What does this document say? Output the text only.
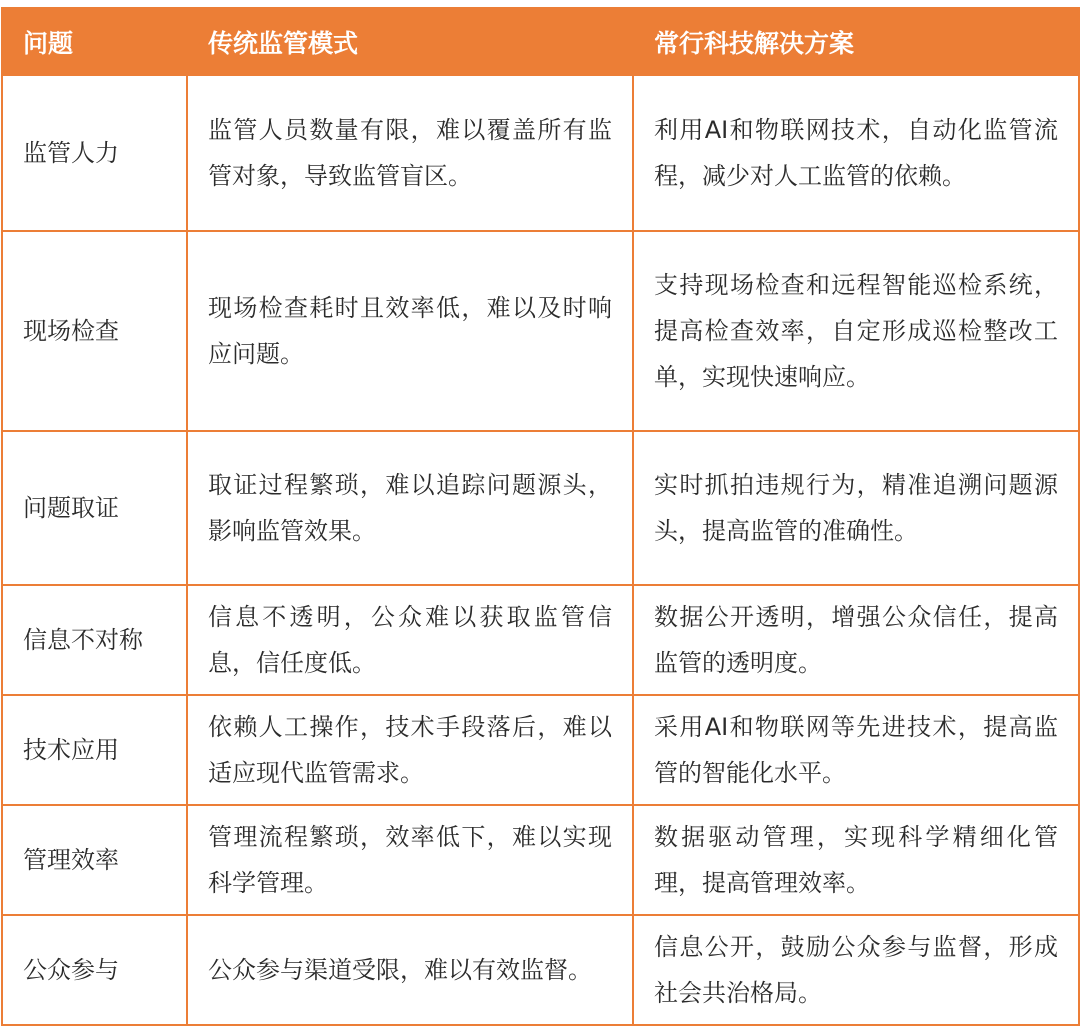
问题	传统监管模式	常行科技解决方案
监管人力	监管人员数量有限，难以覆盖所有监管对象，导致监管盲区。	利用AI和物联网技术，自动化监管流程，减少对人工监管的依赖。
现场检查	现场检查耗时且效率低，难以及时响应问题。	支持现场检查和远程智能巡检系统，提高检查效率，自定形成巡检整改工单，实现快速响应。
问题取证	取证过程繁琐，难以追踪问题源头，影响监管效果。	实时抓拍违规行为，精准追溯问题源头，提高监管的准确性。
信息不对称	信息不透明，公众难以获取监管信息，信任度低。	数据公开透明，增强公众信任，提高监管的透明度。
技术应用	依赖人工操作，技术手段落后，难以适应现代监管需求。	采用AI和物联网等先进技术，提高监管的智能化水平。
管理效率	管理流程繁琐，效率低下，难以实现科学管理。	数据驱动管理，实现科学精细化管理，提高管理效率。
公众参与	公众参与渠道受限，难以有效监督。	信息公开，鼓励公众参与监督，形成社会共治格局。
